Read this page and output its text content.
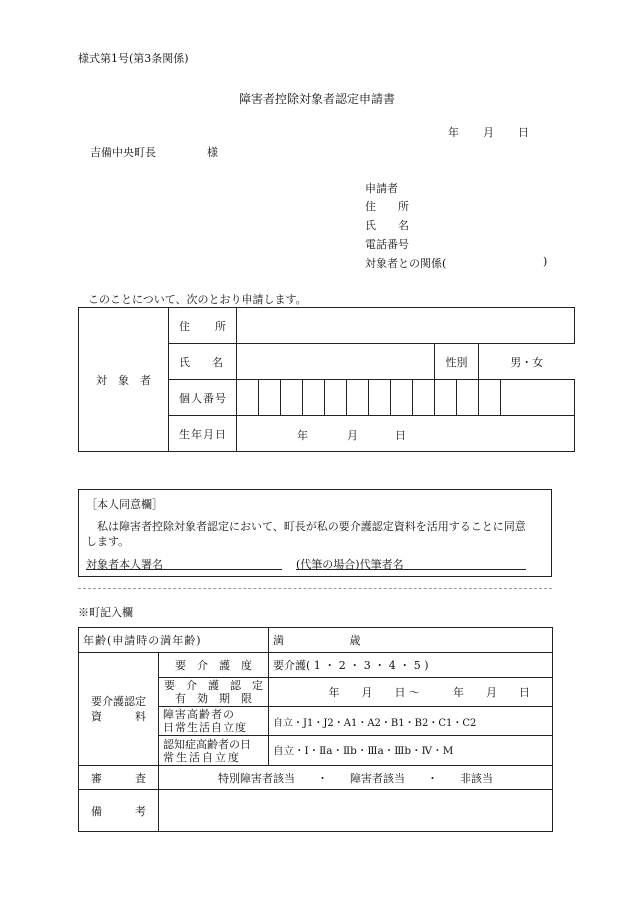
様式第1号(第3条関係)
障害者控除対象者認定申請書
年 月 日
吉備中央町長	様
申請者
住　　所
氏　　名
電話番号
対象者との関係(	)
このことについて、次のとおり申請します。
対　象　者	住　　所													
	氏　　名										性別		男・女	
	個人番号													
	生年月日	年 月 日												
［本人同意欄］
　私は障害者控除対象者認定において、町長が私の要介護認定資料を活用することに同意
します。
対象者本人署名	(代筆の場合)代筆者名
※町記入欄
年齢(申請時の満年齢)		満 歳

要介護認定
資　　　料	要　介　護　度	要介護( 1 ・ 2 ・ 3 ・ 4 ・ 5 )

	要　介　護　認　定
有　効　期　限	年　　月　　日 〜　　　年　　月　　日

	障害高齢者の
日常生活自立度	自立・J1・J2・A1・A2・B1・B2・C1・C2

	認知症高齢者の日
常生活自立度	自立・Ⅰ・Ⅱa・Ⅱb・Ⅲa・Ⅲb・Ⅳ・M
審　　　査	特別障害者該当　　・　　障害者該当　　・　　非該当	
備　　　考		
